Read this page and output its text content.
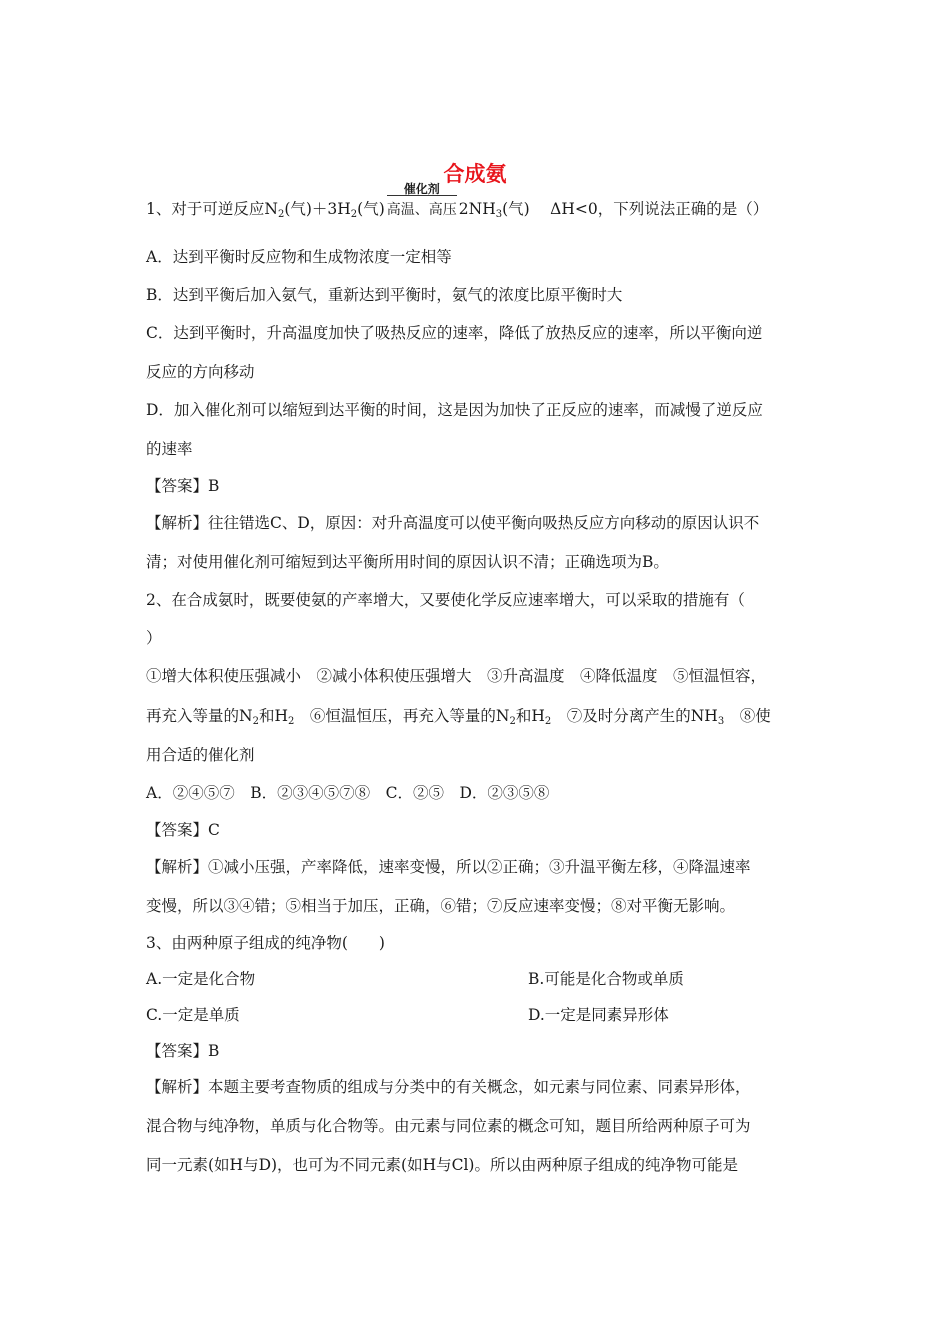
合成氨
1、对于可逆反应$N_2$(气)$+3H_2$(气)
催化剂
高温、高压 $2NH_3$(气)　 ΔH<0，下列说法正确的是（）
A．达到平衡时反应物和生成物浓度一定相等
B．达到平衡后加入氨气，重新达到平衡时，氨气的浓度比原平衡时大
C．达到平衡时，升高温度加快了吸热反应的速率，降低了放热反应的速率，所以平衡向逆
反应的方向移动
D．加入催化剂可以缩短到达平衡的时间，这是因为加快了正反应的速率，而减慢了逆反应
的速率
【答案】B
【解析】往往错选C、D，原因：对升高温度可以使平衡向吸热反应方向移动的原因认识不
清；对使用催化剂可缩短到达平衡所用时间的原因认识不清；正确选项为B。
2、在合成氨时，既要使氨的产率增大，又要使化学反应速率增大，可以采取的措施有（
）
①增大体积使压强减小　②减小体积使压强增大　③升高温度　④降低温度　⑤恒温恒容，
再充入等量的$N_2$和$H_2$　⑥恒温恒压，再充入等量的$N_2$和$H_2$　⑦及时分离产生的$NH_3$　⑧使
用合适的催化剂
A．②④⑤⑦　B．②③④⑤⑦⑧　C．②⑤　D．②③⑤⑧
【答案】C
【解析】①减小压强，产率降低，速率变慢，所以②正确；③升温平衡左移，④降温速率
变慢，所以③④错；⑤相当于加压，正确，⑥错；⑦反应速率变慢；⑧对平衡无影响。
3、由两种原子组成的纯净物(　　)
A.一定是化合物	B.可能是化合物或单质
C.一定是单质	D.一定是同素异形体
【答案】B
【解析】本题主要考查物质的组成与分类中的有关概念，如元素与同位素、同素异形体，
混合物与纯净物，单质与化合物等。由元素与同位素的概念可知，题目所给两种原子可为
同一元素(如H与D)，也可为不同元素(如H与Cl)。所以由两种原子组成的纯净物可能是
